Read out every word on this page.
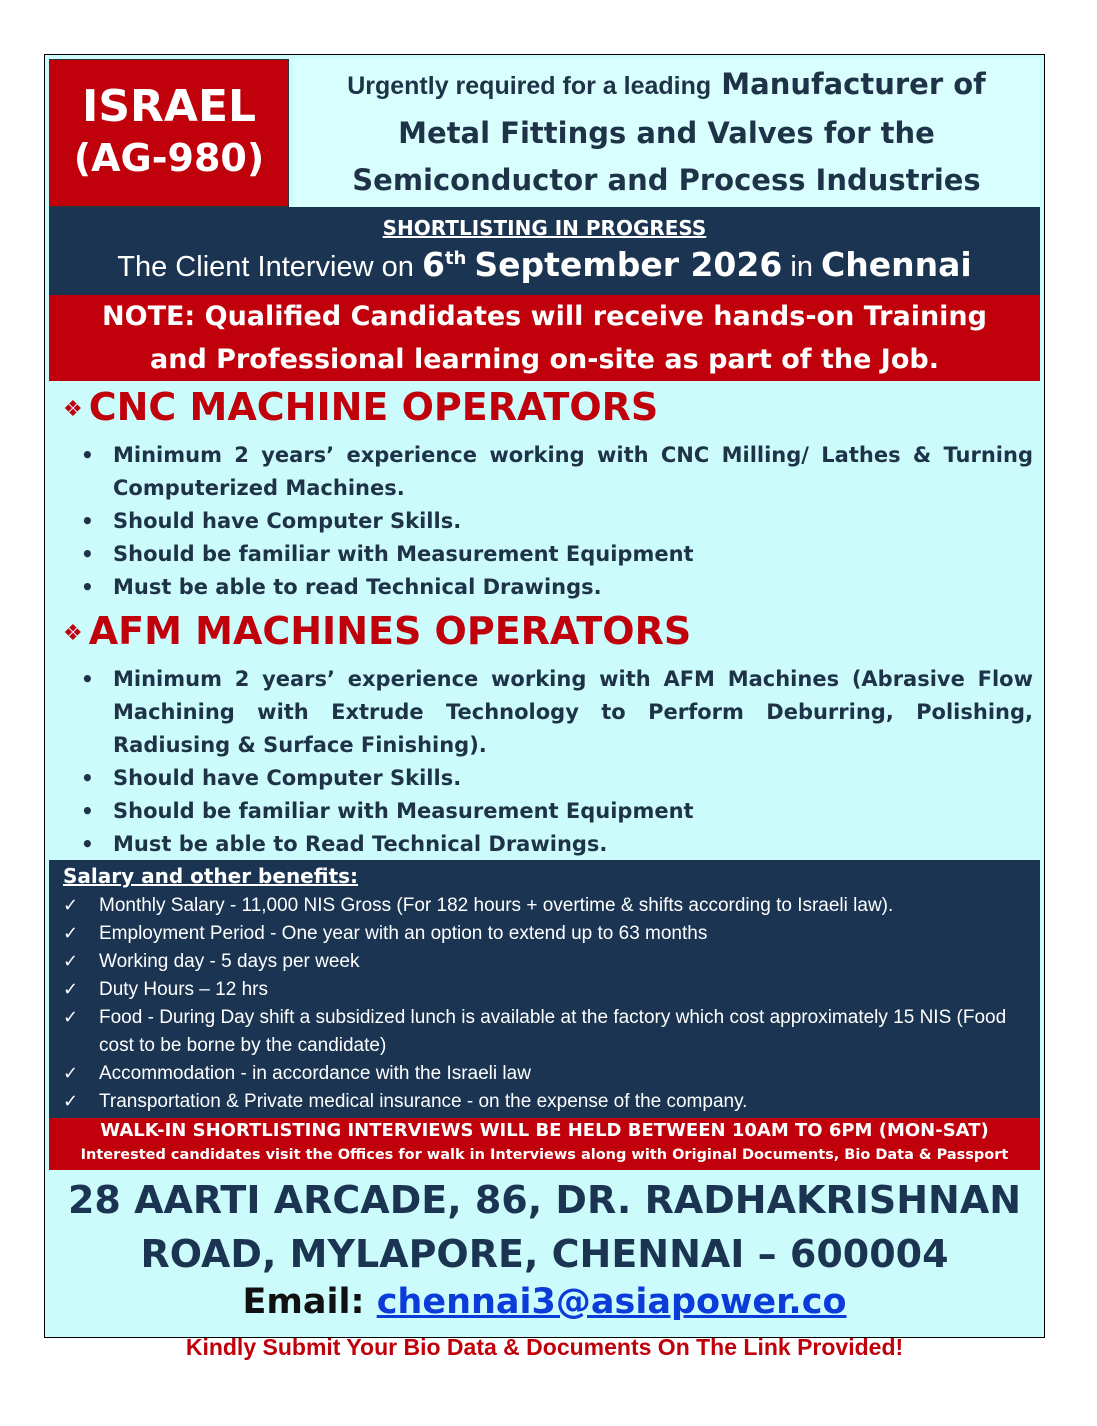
ISRAEL
(AG-980)
Urgently required for a leading Manufacturer of
Metal Fittings and Valves for the
Semiconductor and Process Industries
SHORTLISTING IN PROGRESS
The Client Interview on 6th September 2026 in Chennai
NOTE: Qualified Candidates will receive hands-on Training
and Professional learning on-site as part of the Job.
❖ CNC MACHINE OPERATORS
• Minimum 2 years’ experience working with CNC Milling/ Lathes & Turning Computerized Machines.
• Should have Computer Skills.
• Should be familiar with Measurement Equipment
• Must be able to read Technical Drawings.
❖ AFM MACHINES OPERATORS
• Minimum 2 years’ experience working with AFM Machines (Abrasive Flow Machining with Extrude Technology to Perform Deburring, Polishing, Radiusing & Surface Finishing).
• Should have Computer Skills.
• Should be familiar with Measurement Equipment
• Must be able to Read Technical Drawings.
Salary and other benefits:
✓ Monthly Salary - 11,000 NIS Gross (For 182 hours + overtime & shifts according to Israeli law).
✓ Employment Period - One year with an option to extend up to 63 months
✓ Working day - 5 days per week
✓ Duty Hours – 12 hrs
✓ Food - During Day shift a subsidized lunch is available at the factory which cost approximately 15 NIS (Food cost to be borne by the candidate)
✓ Accommodation - in accordance with the Israeli law
✓ Transportation & Private medical insurance - on the expense of the company.
WALK-IN SHORTLISTING INTERVIEWS WILL BE HELD BETWEEN 10AM TO 6PM (MON-SAT)
Interested candidates visit the Offices for walk in Interviews along with Original Documents, Bio Data & Passport
28 AARTI ARCADE, 86, DR. RADHAKRISHNAN
ROAD, MYLAPORE, CHENNAI – 600004
Email: chennai3@asiapower.co
Kindly Submit Your Bio Data & Documents On The Link Provided!
